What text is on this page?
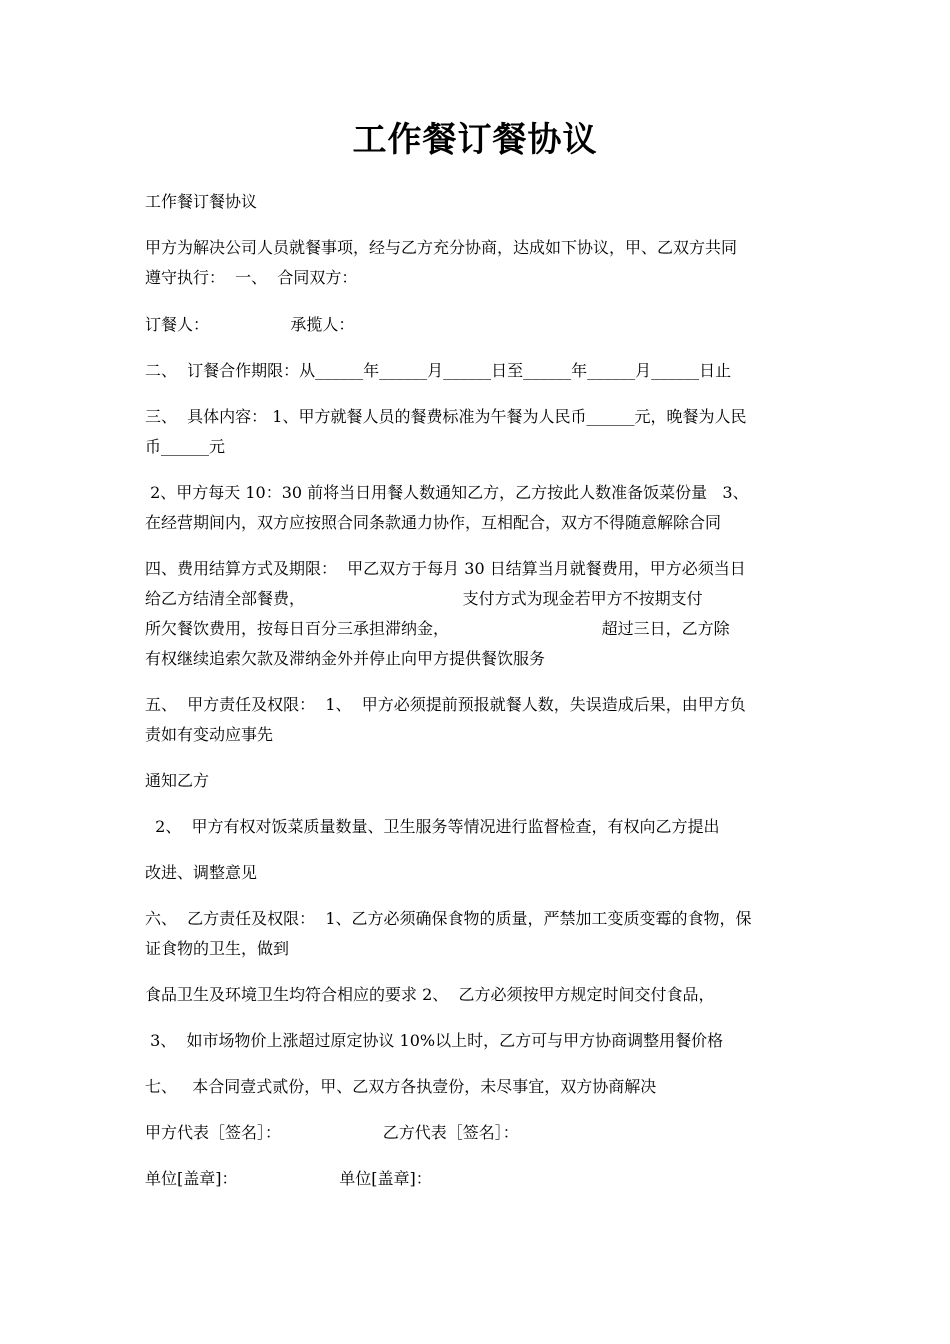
工作餐订餐协议
工作餐订餐协议
甲方为解决公司人员就餐事项，经与乙方充分协商，达成如下协议，甲、乙双方共同
遵守执行：  一、  合同双方：
订餐人：                承揽人：
二、  订餐合作期限：从______年______月______日至______年______月______日止
三、  具体内容： 1、甲方就餐人员的餐费标准为午餐为人民币______元，晚餐为人民
币______元
2、甲方每天 10：30 前将当日用餐人数通知乙方，乙方按此人数准备饭菜份量   3、
在经营期间内，双方应按照合同条款通力协作，互相配合，双方不得随意解除合同
四、费用结算方式及期限：  甲乙双方于每月 30 日结算当月就餐费用，甲方必须当日
给乙方结清全部餐费，                               支付方式为现金若甲方不按期支付
所欠餐饮费用，按每日百分三承担滞纳金，                              超过三日，乙方除
有权继续追索欠款及滞纳金外并停止向甲方提供餐饮服务
五、  甲方责任及权限：  1、  甲方必须提前预报就餐人数，失误造成后果，由甲方负
责如有变动应事先
通知乙方
2、  甲方有权对饭菜质量数量、卫生服务等情况进行监督检查，有权向乙方提出
改进、调整意见
六、  乙方责任及权限：  1、乙方必须确保食物的质量，严禁加工变质变霉的食物，保
证食物的卫生，做到
食品卫生及环境卫生均符合相应的要求 2、  乙方必须按甲方规定时间交付食品，
3、  如市场物价上涨超过原定协议 10%以上时，乙方可与甲方协商调整用餐价格
七、   本合同壹式贰份，甲、乙双方各执壹份，未尽事宜，双方协商解决
甲方代表［签名］：                    乙方代表［签名］：
单位[盖章]：                    单位[盖章]：
